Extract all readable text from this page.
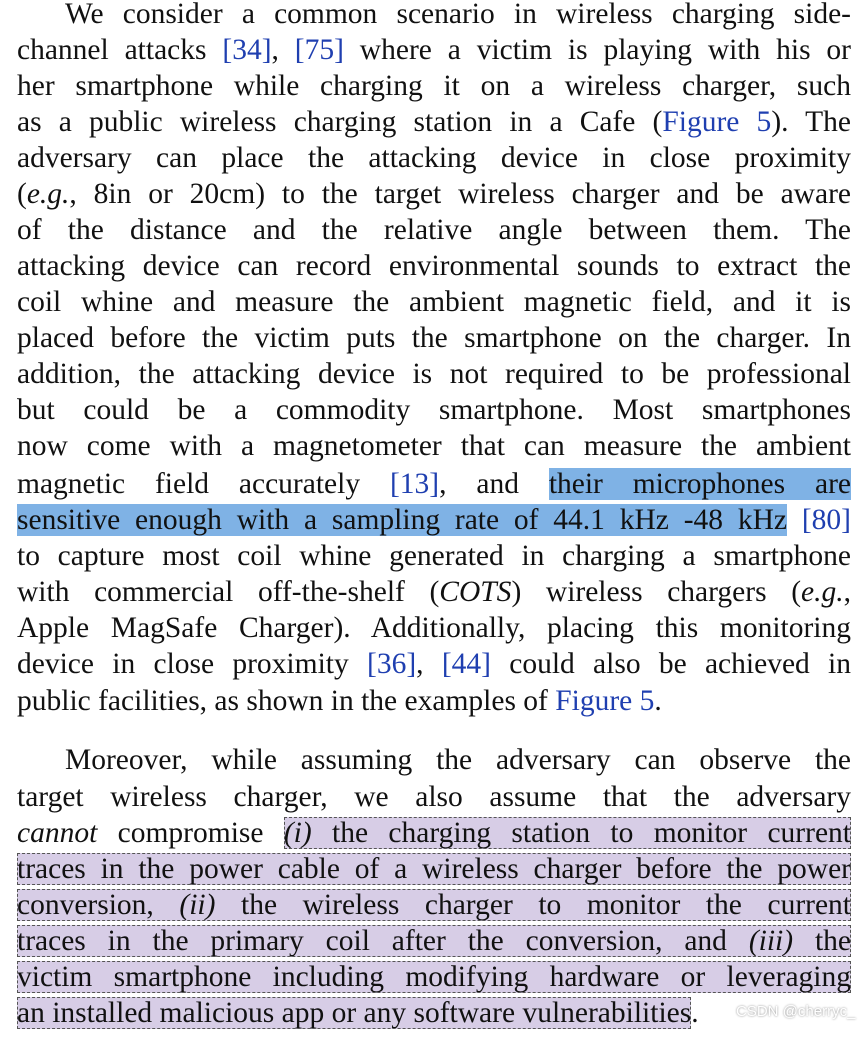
We consider a common scenario in wireless charging side-
channel attacks [34], [75] where a victim is playing with his or
her smartphone while charging it on a wireless charger, such
as a public wireless charging station in a Cafe (Figure 5). The
adversary can place the attacking device in close proximity
(e.g., 8in or 20cm) to the target wireless charger and be aware
of the distance and the relative angle between them. The
attacking device can record environmental sounds to extract the
coil whine and measure the ambient magnetic field, and it is
placed before the victim puts the smartphone on the charger. In
addition, the attacking device is not required to be professional
but could be a commodity smartphone. Most smartphones
now come with a magnetometer that can measure the ambient
magnetic field accurately [13], and their microphones are
sensitive enough with a sampling rate of 44.1 kHz -48 kHz [80]
to capture most coil whine generated in charging a smartphone
with commercial off-the-shelf (COTS) wireless chargers (e.g.,
Apple MagSafe Charger). Additionally, placing this monitoring
device in close proximity [36], [44] could also be achieved in
public facilities, as shown in the examples of Figure 5.
Moreover, while assuming the adversary can observe the
target wireless charger, we also assume that the adversary
cannot compromise (i) the charging station to monitor current
traces in the power cable of a wireless charger before the power
conversion, (ii) the wireless charger to monitor the current
traces in the primary coil after the conversion, and (iii) the
victim smartphone including modifying hardware or leveraging
an installed malicious app or any software vulnerabilities.	CSDN @cherryc_
